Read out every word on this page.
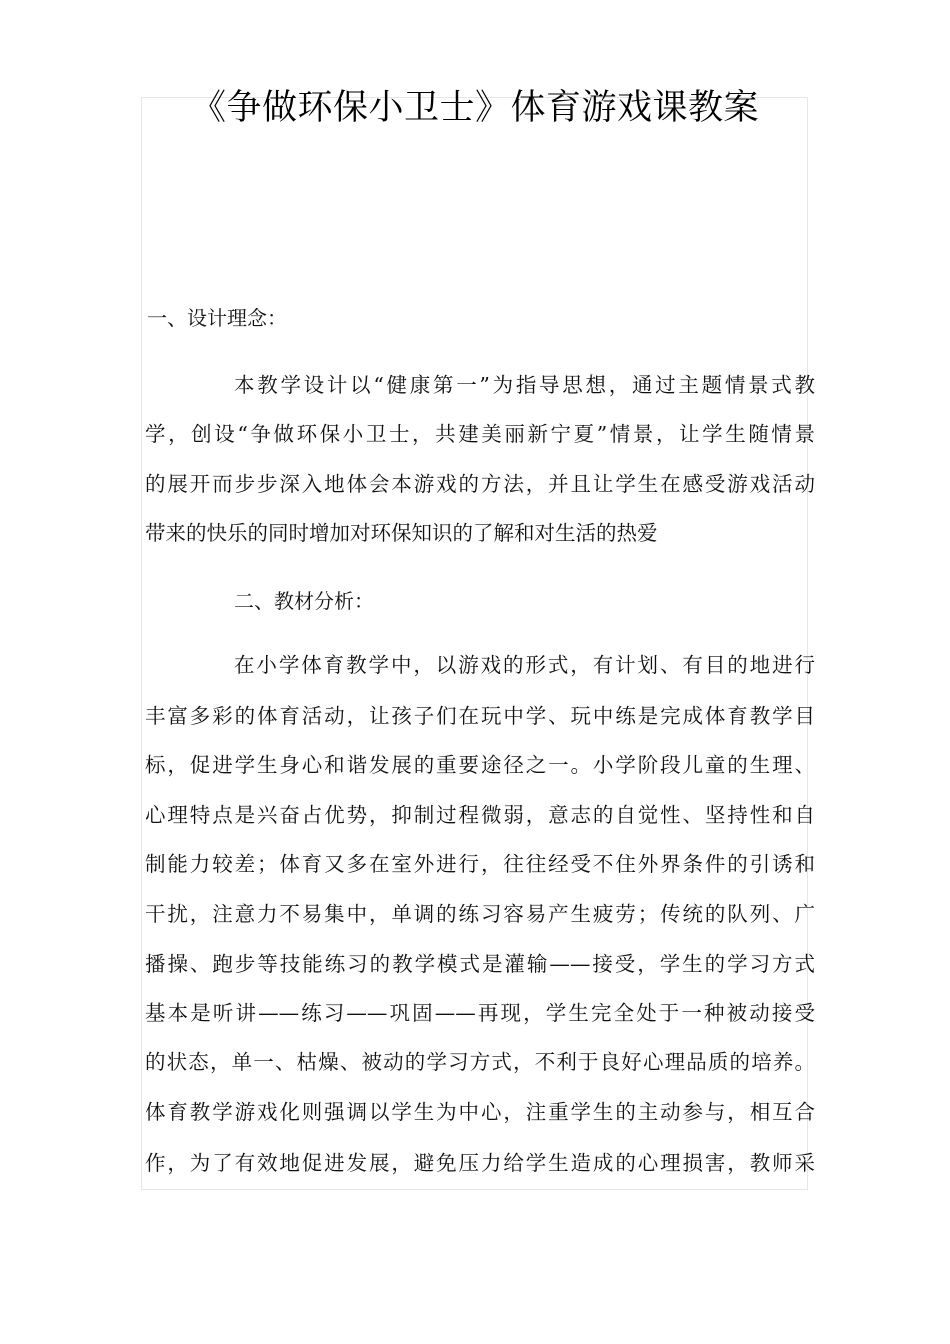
《争做环保小卫士》体育游戏课教案
一、设计理念：

本教学设计以“健康第一”为指导思想，通过主题情景式教

学，创设“争做环保小卫士，共建美丽新宁夏”情景，让学生随情景

的展开而步步深入地体会本游戏的方法，并且让学生在感受游戏活动

带来的快乐的同时增加对环保知识的了解和对生活的热爱

二、教材分析：

在小学体育教学中，以游戏的形式，有计划、有目的地进行

丰富多彩的体育活动，让孩子们在玩中学、玩中练是完成体育教学目

标，促进学生身心和谐发展的重要途径之一。小学阶段儿童的生理、

心理特点是兴奋占优势，抑制过程微弱，意志的自觉性、坚持性和自

制能力较差；体育又多在室外进行，往往经受不住外界条件的引诱和

干扰，注意力不易集中，单调的练习容易产生疲劳；传统的队列、广

播操、跑步等技能练习的教学模式是灌输——接受，学生的学习方式

基本是听讲——练习——巩固——再现，学生完全处于一种被动接受

的状态，单一、枯燥、被动的学习方式，不利于良好心理品质的培养。

体育教学游戏化则强调以学生为中心，注重学生的主动参与，相互合

作，为了有效地促进发展，避免压力给学生造成的心理损害，教师采
